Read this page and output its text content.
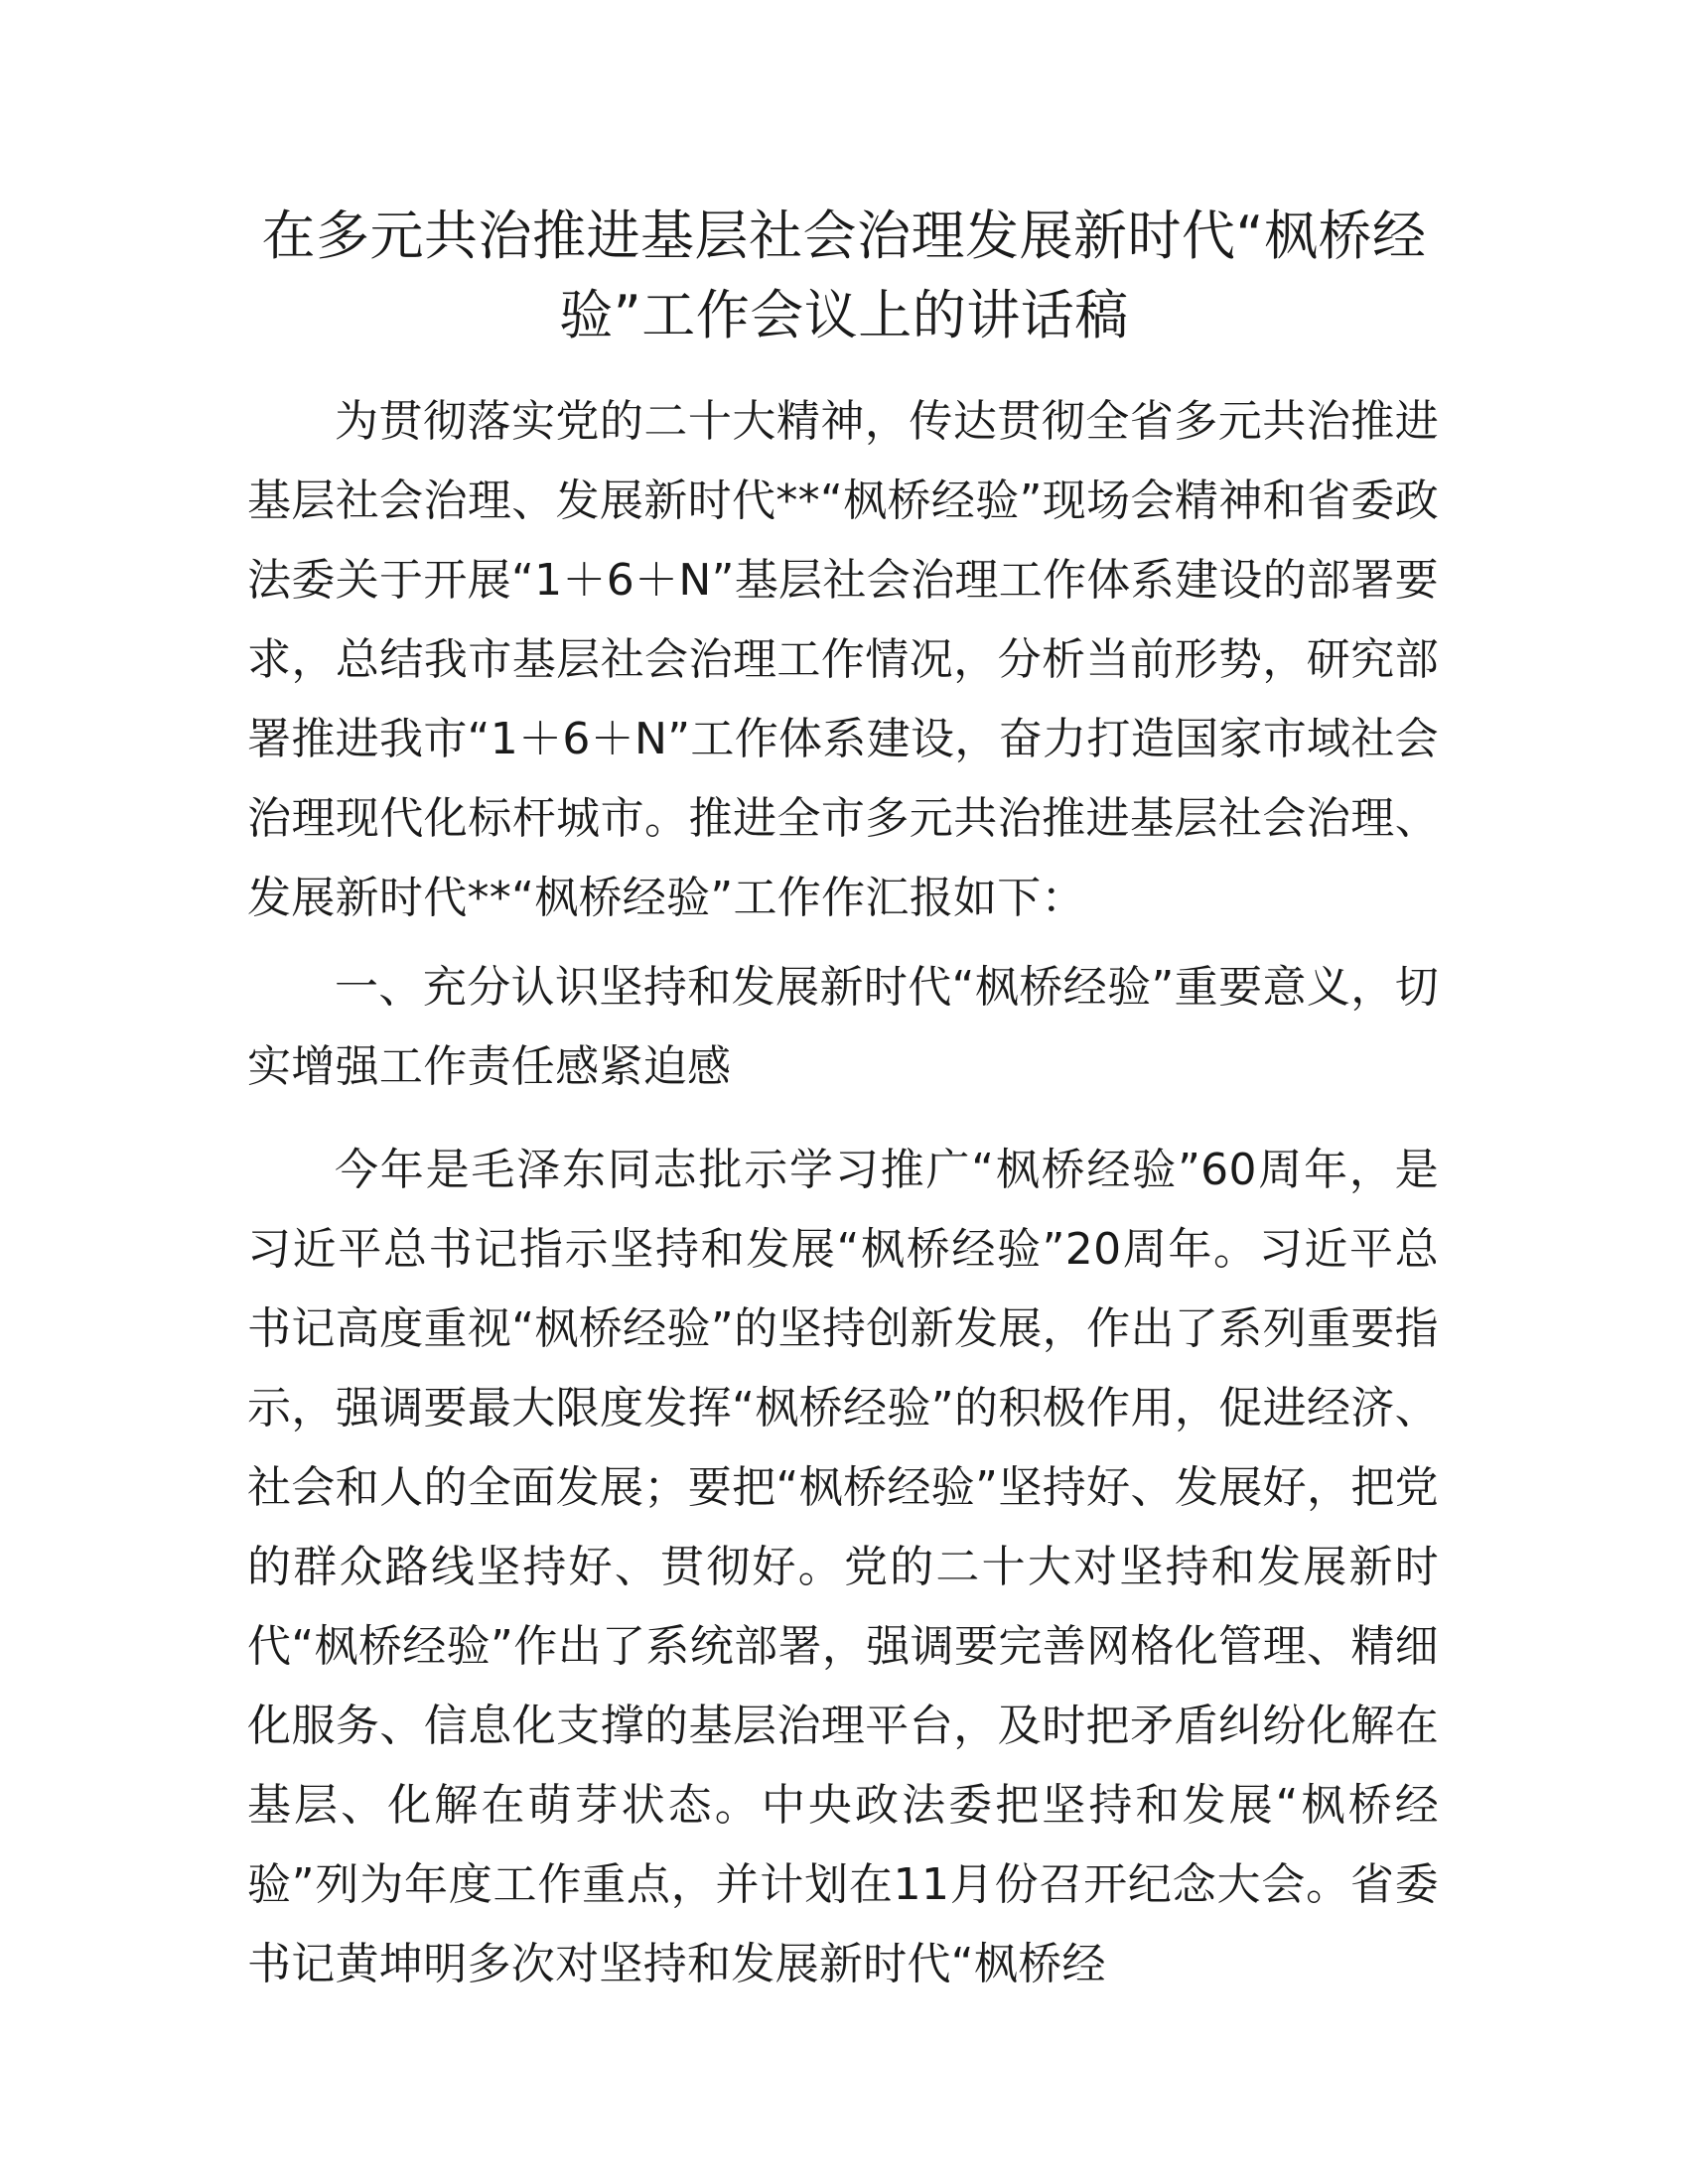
在多元共治推进基层社会治理发展新时代“枫桥经验”工作会议上的讲话稿

为贯彻落实党的二十大精神，传达贯彻全省多元共治推进基层社会治理、发展新时代**“枫桥经验”现场会精神和省委政法委关于开展“1＋6＋N”基层社会治理工作体系建设的部署要求，总结我市基层社会治理工作情况，分析当前形势，研究部署推进我市“1＋6＋N”工作体系建设，奋力打造国家市域社会治理现代化标杆城市。推进全市多元共治推进基层社会治理、发展新时代**“枫桥经验”工作作汇报如下：

一、充分认识坚持和发展新时代“枫桥经验”重要意义，切实增强工作责任感紧迫感

今年是毛泽东同志批示学习推广“枫桥经验”60周年，是习近平总书记指示坚持和发展“枫桥经验”20周年。习近平总书记高度重视“枫桥经验”的坚持创新发展，作出了系列重要指示，强调要最大限度发挥“枫桥经验”的积极作用，促进经济、社会和人的全面发展；要把“枫桥经验”坚持好、发展好，把党的群众路线坚持好、贯彻好。党的二十大对坚持和发展新时代“枫桥经验”作出了系统部署，强调要完善网格化管理、精细化服务、信息化支撑的基层治理平台，及时把矛盾纠纷化解在基层、化解在萌芽状态。中央政法委把坚持和发展“枫桥经验”列为年度工作重点，并计划在11月份召开纪念大会。省委书记黄坤明多次对坚持和发展新时代“枫桥经
